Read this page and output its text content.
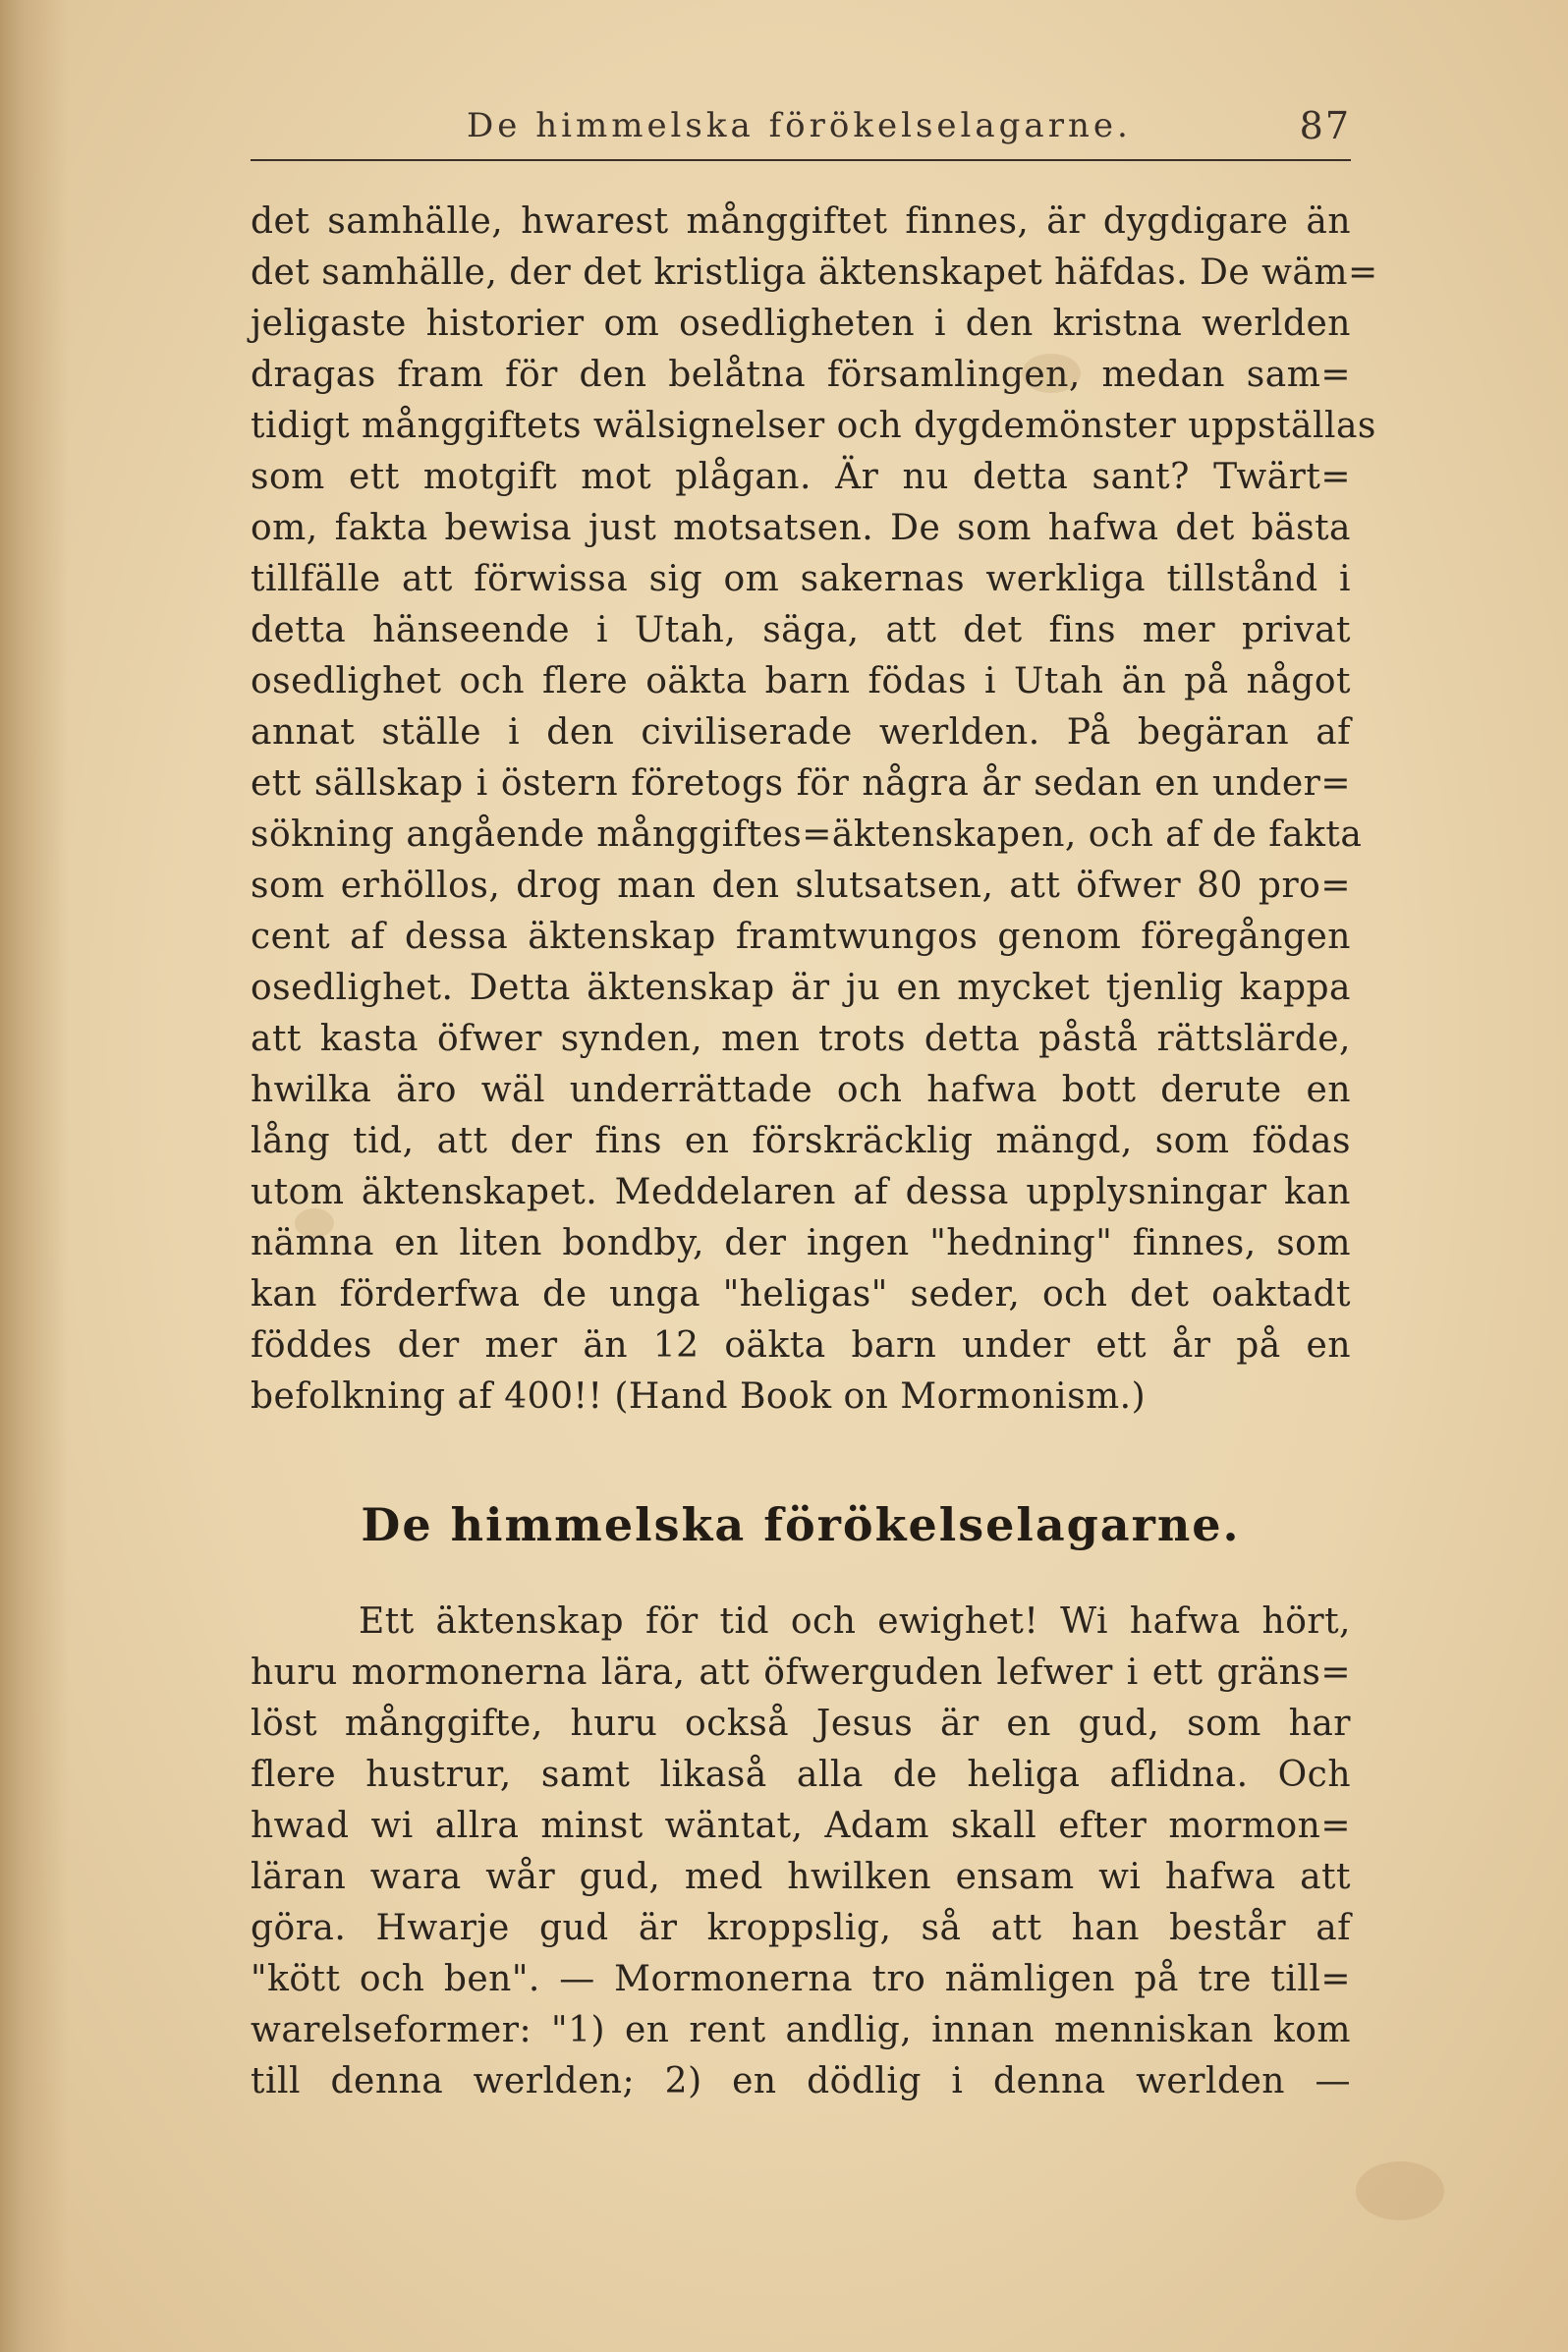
De himmelska förökelselagarne.	87
det samhälle, hwarest månggiftet finnes, är dygdigare än
det samhälle, der det kristliga äktenskapet häfdas. De wäm=
jeligaste historier om osedligheten i den kristna werlden
dragas fram för den belåtna församlingen, medan sam=
tidigt månggiftets wälsignelser och dygdemönster uppställas
som ett motgift mot plågan. Är nu detta sant? Twärt=
om, fakta bewisa just motsatsen. De som hafwa det bästa
tillfälle att förwissa sig om sakernas werkliga tillstånd i
detta hänseende i Utah, säga, att det fins mer privat
osedlighet och flere oäkta barn födas i Utah än på något
annat ställe i den civiliserade werlden. På begäran af
ett sällskap i östern företogs för några år sedan en under=
sökning angående månggiftes=äktenskapen, och af de fakta
som erhöllos, drog man den slutsatsen, att öfwer 80 pro=
cent af dessa äktenskap framtwungos genom föregången
osedlighet. Detta äktenskap är ju en mycket tjenlig kappa
att kasta öfwer synden, men trots detta påstå rättslärde,
hwilka äro wäl underrättade och hafwa bott derute en
lång tid, att der fins en förskräcklig mängd, som födas
utom äktenskapet. Meddelaren af dessa upplysningar kan
nämna en liten bondby, der ingen "hedning" finnes, som
kan förderfwa de unga "heligas" seder, och det oaktadt
föddes der mer än 12 oäkta barn under ett år på en
befolkning af 400!! (Hand Book on Mormonism.)
De himmelska förökelselagarne.
Ett äktenskap för tid och ewighet! Wi hafwa hört,
huru mormonerna lära, att öfwerguden lefwer i ett gräns=
löst månggifte, huru också Jesus är en gud, som har
flere hustrur, samt likaså alla de heliga aflidna. Och
hwad wi allra minst wäntat, Adam skall efter mormon=
läran wara wår gud, med hwilken ensam wi hafwa att
göra. Hwarje gud är kroppslig, så att han består af
"kött och ben". — Mormonerna tro nämligen på tre till=
warelseformer: "1) en rent andlig, innan menniskan kom
till denna werlden; 2) en dödlig i denna werlden —
